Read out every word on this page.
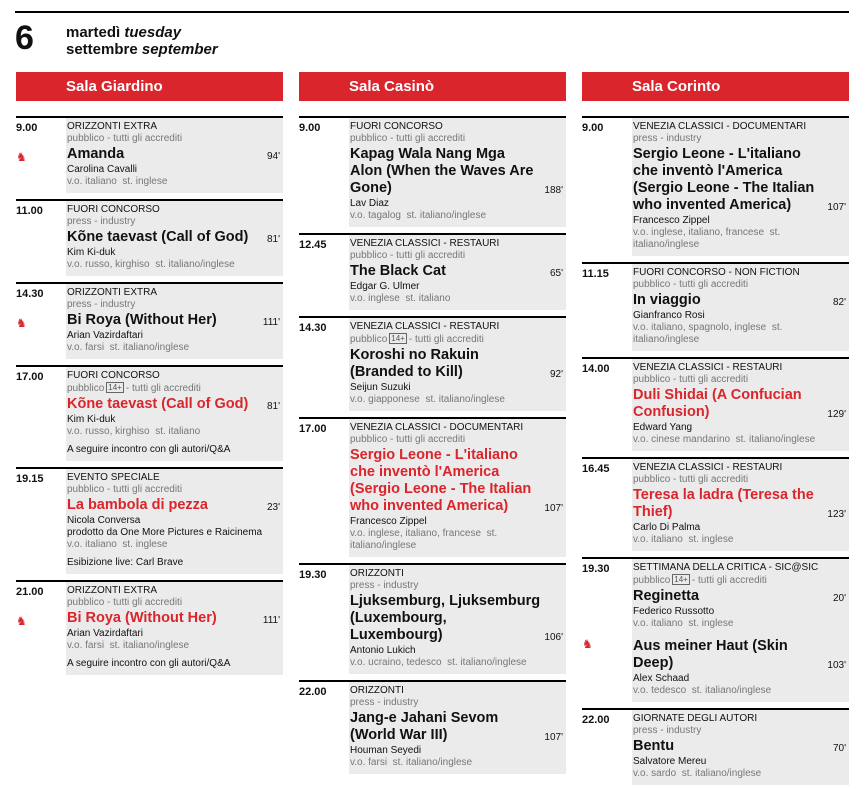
6 martedì tuesday
settembre september
Sala Giardino
9.00
♞
ORIZZONTI EXTRA
pubblico - tutti gli accrediti
Amanda	94'
Carolina Cavalli
v.o. italiano st. inglese
11.00	FUORI CONCORSO
press - industry
Kõne taevast (Call of God) 81'
Kim Ki-duk
v.o. russo, kirghiso st. italiano/inglese
14.30
♞
ORIZZONTI EXTRA
press - industry
Bi Roya (Without Her)	111'
Arian Vazirdaftari
v.o. farsi st. italiano/inglese
17.00	FUORI CONCORSO
pubblico 14+ - tutti gli accrediti
Kõne taevast (Call of God) 81'
Kim Ki-duk
v.o. russo, kirghiso st. italiano
A seguire incontro con gli autori/Q&A
19.15	EVENTO SPECIALE
pubblico - tutti gli accrediti
La bambola di pezza	23'
Nicola Conversa
prodotto da One More Pictures e Raicinema
v.o. italiano st. inglese
Esibizione live: Carl Brave
21.00
♞
ORIZZONTI EXTRA
pubblico - tutti gli accrediti
Bi Roya (Without Her)	111'
Arian Vazirdaftari
v.o. farsi st. italiano/inglese
A seguire incontro con gli autori/Q&A
Sala Casinò
9.00	FUORI CONCORSO
pubblico - tutti gli accrediti
Kapag Wala Nang Mga Alon (When the Waves Are Gone)	188'
Lav Diaz
v.o. tagalog st. italiano/inglese
12.45	VENEZIA CLASSICI - RESTAURI
pubblico - tutti gli accrediti
The Black Cat	65'
Edgar G. Ulmer
v.o. inglese st. italiano
14.30	VENEZIA CLASSICI - RESTAURI
pubblico 14+ - tutti gli accrediti
Koroshi no Rakuin (Branded to Kill)	92'
Seijun Suzuki
v.o. giapponese st. italiano/inglese
17.00	VENEZIA CLASSICI - DOCUMENTARI
pubblico - tutti gli accrediti
Sergio Leone - L'italiano che inventò l'America (Sergio Leone - The Italian who invented America)	107'
Francesco Zippel
v.o. inglese, italiano, francese st. italiano/inglese
19.30	ORIZZONTI
press - industry
Ljuksemburg, Ljuksemburg (Luxembourg, Luxembourg)	106'
Antonio Lukich
v.o. ucraino, tedesco st. italiano/inglese
22.00	ORIZZONTI
press - industry
Jang-e Jahani Sevom (World War III)	107'
Houman Seyedi
v.o. farsi st. italiano/inglese
Sala Corinto
9.00	VENEZIA CLASSICI - DOCUMENTARI
press - industry
Sergio Leone - L'italiano che inventò l'America (Sergio Leone - The Italian who invented America)	107'
Francesco Zippel
v.o. inglese, italiano, francese st. italiano/inglese
11.15	FUORI CONCORSO - NON FICTION
pubblico - tutti gli accrediti
In viaggio	82'
Gianfranco Rosi
v.o. italiano, spagnolo, inglese st. italiano/inglese
14.00	VENEZIA CLASSICI - RESTAURI
pubblico - tutti gli accrediti
Duli Shidai (A Confucian Confusion)	129'
Edward Yang
v.o. cinese mandarino st. italiano/inglese
16.45	VENEZIA CLASSICI - RESTAURI
pubblico - tutti gli accrediti
Teresa la ladra (Teresa the Thief)	123'
Carlo Di Palma
v.o. italiano st. inglese
19.30	SETTIMANA DELLA CRITICA - SIC@SIC
pubblico 14+ - tutti gli accrediti
Reginetta	20'
Federico Russotto
v.o. italiano st. inglese
Aus meiner Haut (Skin Deep)	103'
Alex Schaad
v.o. tedesco st. italiano/inglese
♞
22.00	GIORNATE DEGLI AUTORI
press - industry
Bentu	70'
Salvatore Mereu
v.o. sardo st. italiano/inglese
